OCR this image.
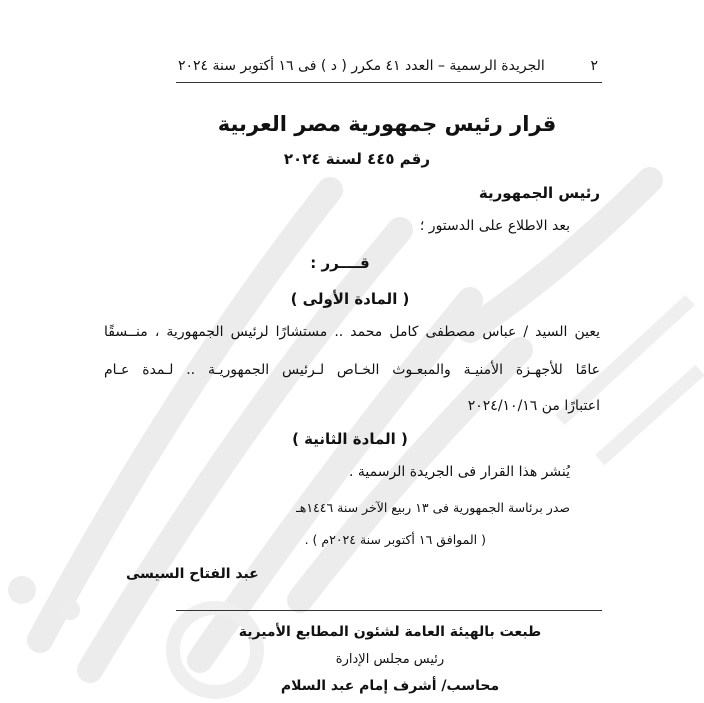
٢
الجريدة الرسمية – العدد ٤١ مكرر ( د ) فى ١٦ أكتوبر سنة ٢٠٢٤
قرار رئيس جمهورية مصر العربية
رقم ٤٤٥ لسنة ٢٠٢٤
رئيس الجمهورية
بعد الاطلاع على الدستور ؛
قــــرر :
( المادة الأولى )
يعين السيد / عباس مصطفى كامل محمد .. مستشارًا لرئيس الجمهورية ، منــسقًا
عامًا للأجهـزة الأمنيـة والمبعـوث الخـاص لـرئيس الجمهوريـة .. لـمدة عـام
اعتبارًا من ٢٠٢٤/١٠/١٦
( المادة الثانية )
يُنشر هذا القرار فى الجريدة الرسمية .
صدر برئاسة الجمهورية فى ١٣ ربيع الآخر سنة ١٤٤٦هـ
( الموافق ١٦ أكتوبر سنة ٢٠٢٤م ) .
عبد الفتاح السيسى
طبعت بالهيئة العامة لشئون المطابع الأميرية
رئيس مجلس الإدارة
محاسب/ أشرف إمام عبد السلام
